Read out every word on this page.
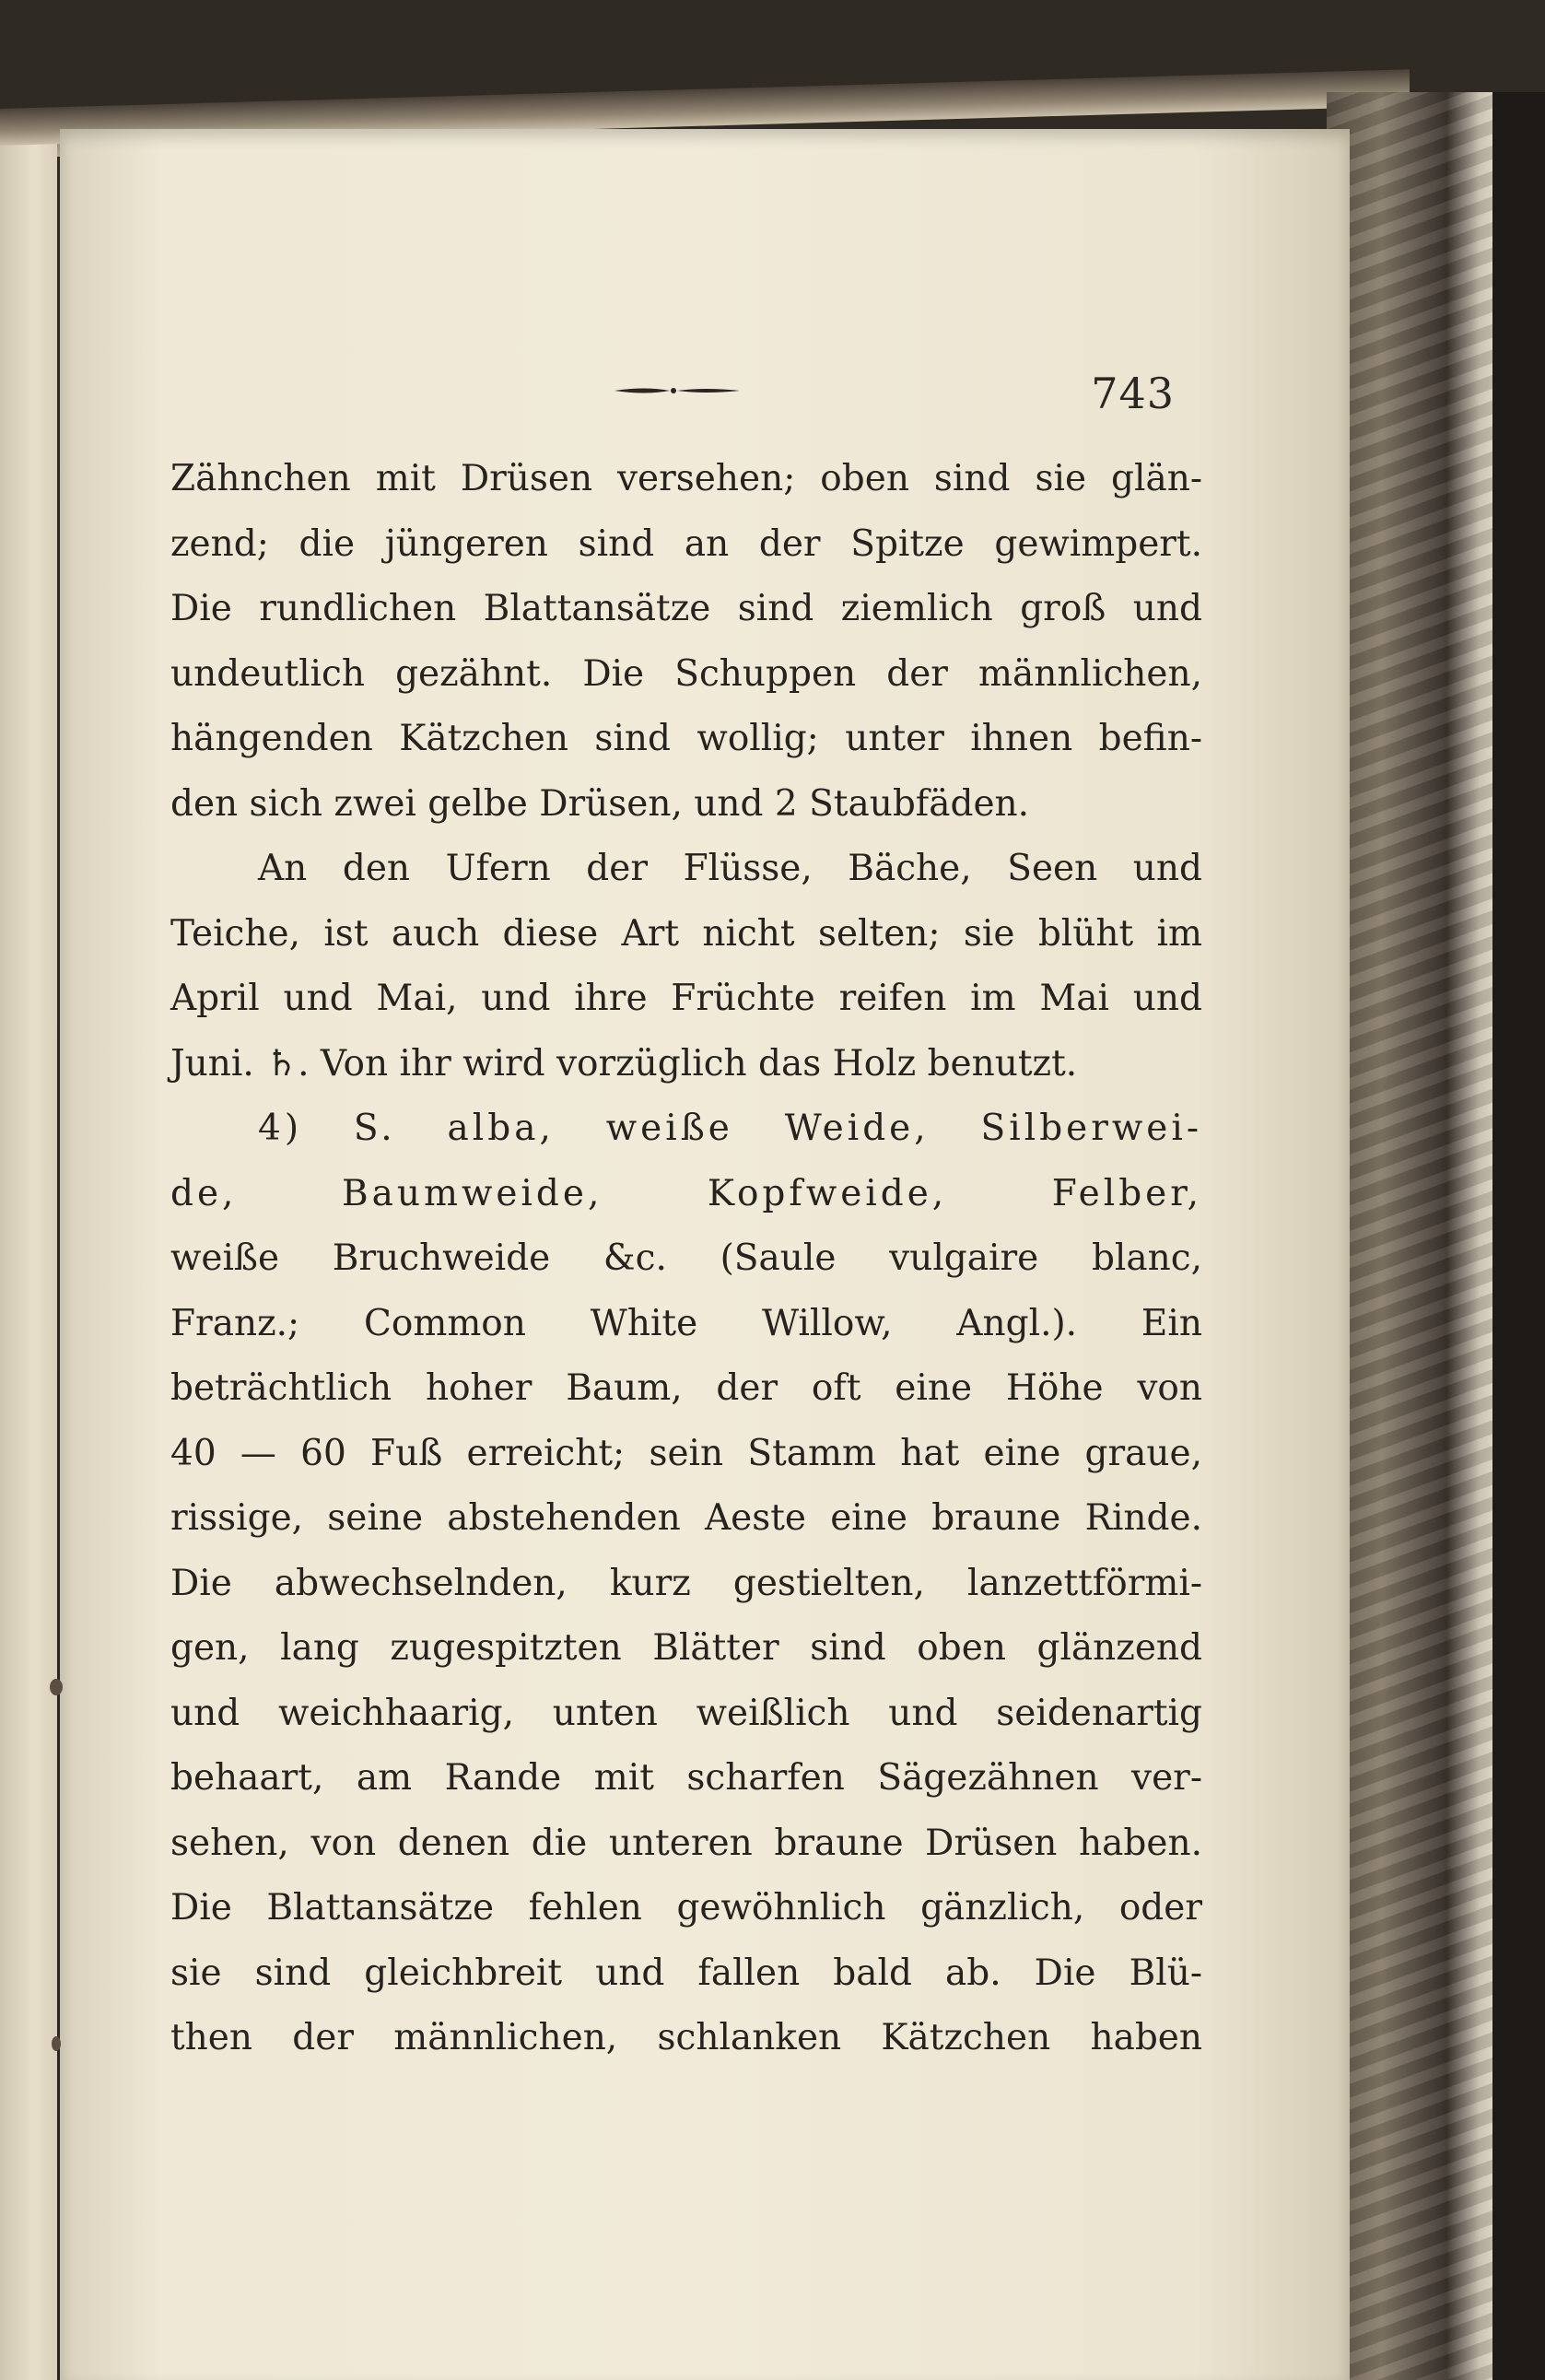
743
Zähnchen mit Drüsen versehen; oben sind sie glän-
zend; die jüngeren sind an der Spitze gewimpert.
Die rundlichen Blattansätze sind ziemlich groß und
undeutlich gezähnt. Die Schuppen der männlichen,
hängenden Kätzchen sind wollig; unter ihnen befin-
den sich zwei gelbe Drüsen, und 2 Staubfäden.
An den Ufern der Flüsse, Bäche, Seen und
Teiche, ist auch diese Art nicht selten; sie blüht im
April und Mai, und ihre Früchte reifen im Mai und
Juni. ♄. Von ihr wird vorzüglich das Holz benutzt.
4) S. alba, weiße Weide, Silberwei-
de, Baumweide, Kopfweide, Felber,
weiße Bruchweide &c. (Saule vulgaire blanc,
Franz.; Common White Willow, Angl.). Ein
beträchtlich hoher Baum, der oft eine Höhe von
40 — 60 Fuß erreicht; sein Stamm hat eine graue,
rissige, seine abstehenden Aeste eine braune Rinde.
Die abwechselnden, kurz gestielten, lanzettförmi-
gen, lang zugespitzten Blätter sind oben glänzend
und weichhaarig, unten weißlich und seidenartig
behaart, am Rande mit scharfen Sägezähnen ver-
sehen, von denen die unteren braune Drüsen haben.
Die Blattansätze fehlen gewöhnlich gänzlich, oder
sie sind gleichbreit und fallen bald ab. Die Blü-
then der männlichen, schlanken Kätzchen haben
